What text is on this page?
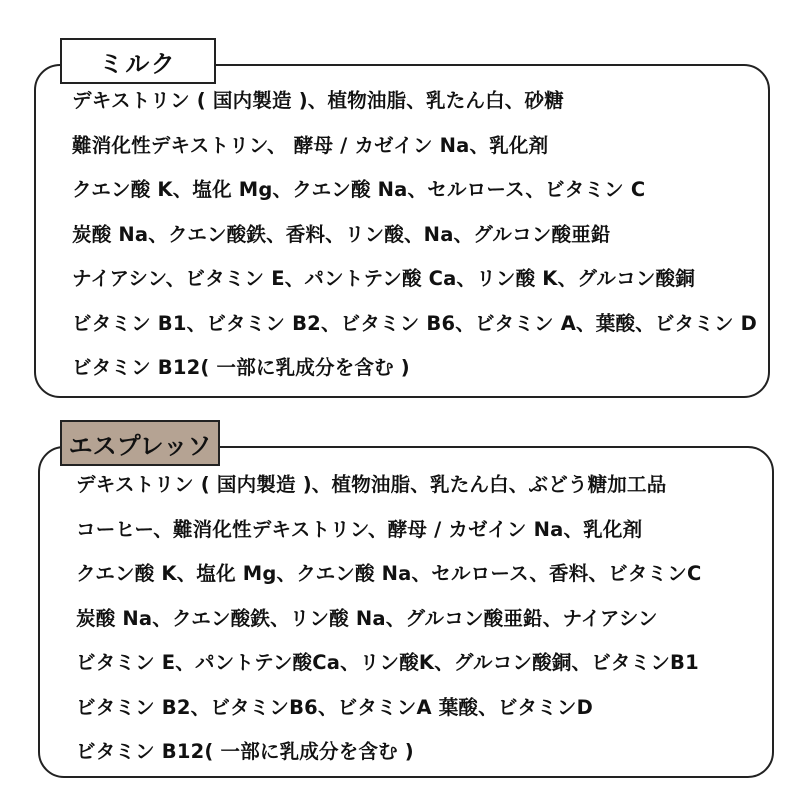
ミルク
デキストリン ( 国内製造 )、植物油脂、乳たん白、砂糖
難消化性デキストリン、 酵母 / カゼイン Na、乳化剤
クエン酸 K、塩化 Mg、クエン酸 Na、セルロース、ビタミン C
炭酸 Na、クエン酸鉄、香料、リン酸、Na、グルコン酸亜鉛
ナイアシン、ビタミン E、パントテン酸 Ca、リン酸 K、グルコン酸銅
ビタミン B1、ビタミン B2、ビタミン B6、ビタミン A、葉酸、ビタミン D
ビタミン B12( 一部に乳成分を含む )
エスプレッソ
デキストリン ( 国内製造 )、植物油脂、乳たん白、ぶどう糖加工品
コーヒー、難消化性デキストリン、酵母 / カゼイン Na、乳化剤
クエン酸 K、塩化 Mg、クエン酸 Na、セルロース、香料、ビタミンC
炭酸 Na、クエン酸鉄、リン酸 Na、グルコン酸亜鉛、ナイアシン
ビタミン E、パントテン酸Ca、リン酸K、グルコン酸銅、ビタミンB1
ビタミン B2、ビタミンB6、ビタミンA 葉酸、ビタミンD
ビタミン B12( 一部に乳成分を含む )
